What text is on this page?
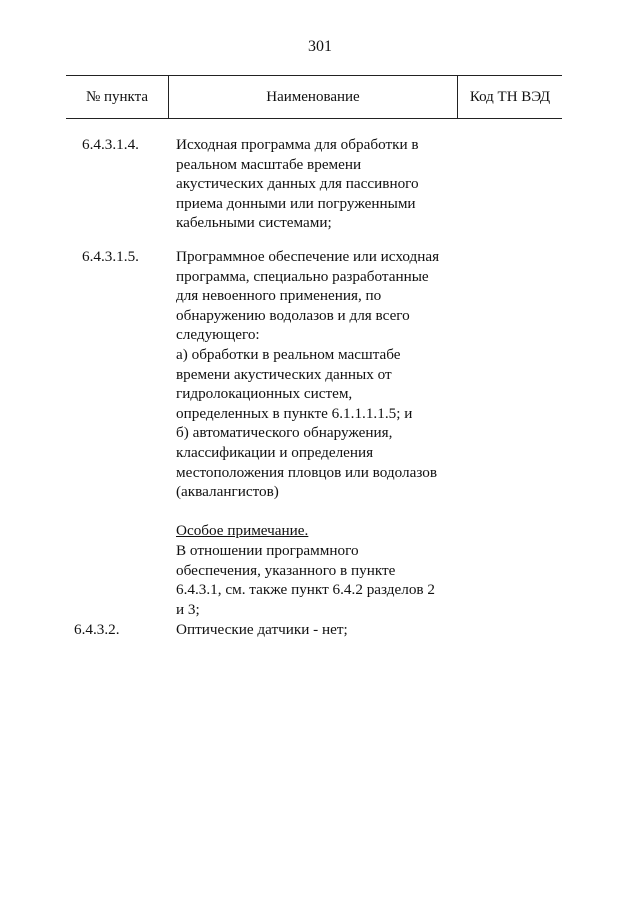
301
№ пункта	Наименование	Код ТН ВЭД
6.4.3.1.4. Исходная программа для обработки в
реальном масштабе времени
акустических данных для пассивного
приема донными или погруженными
кабельными системами;
6.4.3.1.5. Программное обеспечение или исходная
программа, специально разработанные
для невоенного применения, по
обнаружению водолазов и для всего
следующего:
а) обработки в реальном масштабе
времени акустических данных от
гидролокационных систем,
определенных в пункте 6.1.1.1.1.5; и
б) автоматического обнаружения,
классификации и определения
местоположения пловцов или водолазов
(аквалангистов)
Особое примечание.
В отношении программного
обеспечения, указанного в пункте
6.4.3.1, см. также пункт 6.4.2 разделов 2
и 3;
6.4.3.2.	Оптические датчики - нет;
